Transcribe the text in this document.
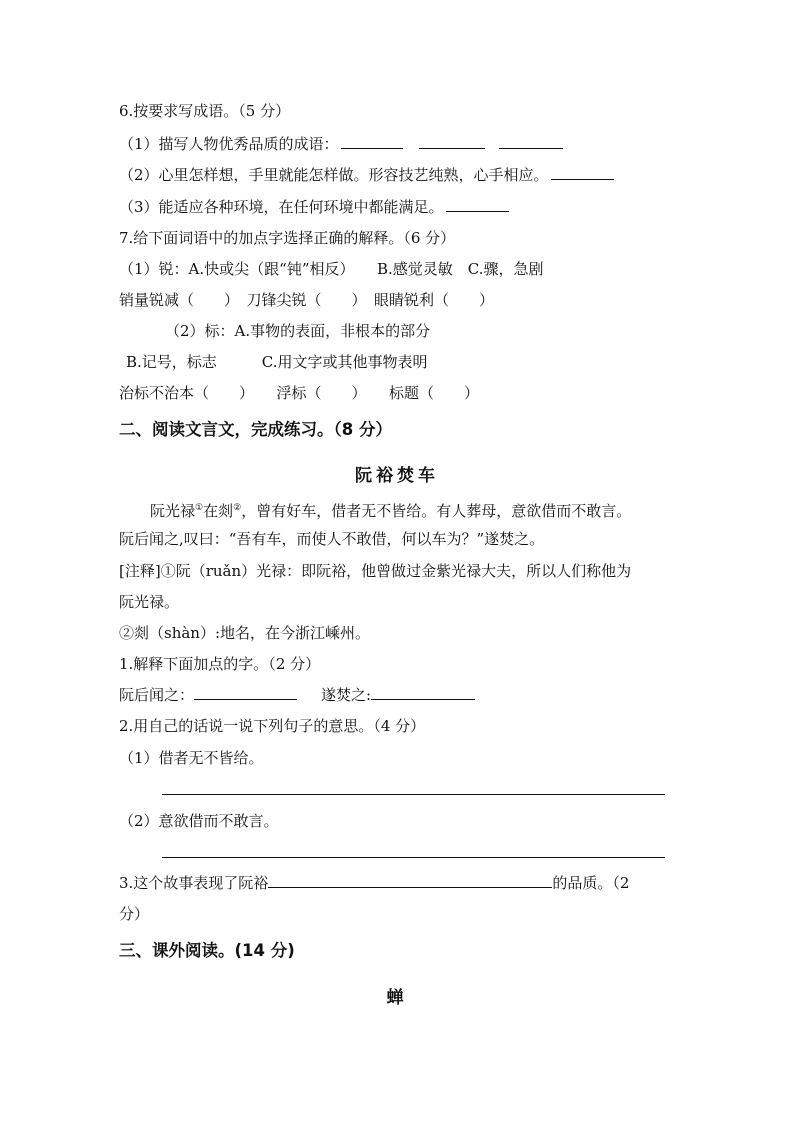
6.按要求写成语。（5 分）
（1）描写人物优秀品质的成语：
（2）心里怎样想，手里就能怎样做。形容技艺纯熟，心手相应。
（3）能适应各种环境，在任何环境中都能满足。
7.给下面词语中的加点字选择正确的解释。（6 分）
（1）锐：A.快或尖（跟“钝”相反）　　B.感觉灵敏　C.骤，急剧
销量锐减（　　）　刀锋尖锐（　　）　眼睛锐利（　　）
（2）标：A.事物的表面，非根本的部分
B.记号，标志　　　C.用文字或其他事物表明
治标不治本（　　）　　浮标（　　）　　标题（　　）
二、阅读文言文，完成练习。（8 分）
阮裕焚车
阮光禄①在剡②，曾有好车，借者无不皆给。有人葬母，意欲借而不敢言。
阮后闻之,叹曰：“吾有车，而使人不敢借，何以车为？”遂焚之。
[注释]①阮（ruǎn）光禄：即阮裕，他曾做过金紫光禄大夫，所以人们称他为
阮光禄。
②剡（shàn）:地名，在今浙江嵊州。
1.解释下面加点的字。（2 分）
阮后闻之：	遂焚之:
2.用自己的话说一说下列句子的意思。（4 分）
（1）借者无不皆给。
（2）意欲借而不敢言。
3.这个故事表现了阮裕	的品质。（2
分）
三、课外阅读。(14 分)
蝉
